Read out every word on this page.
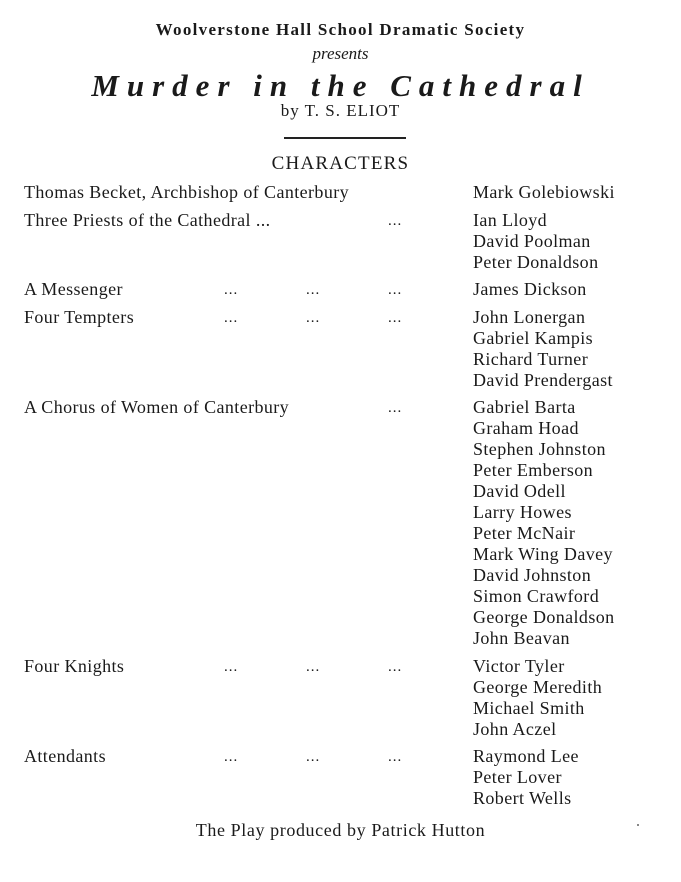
Woolverstone Hall School Dramatic Society
presents
Murder in the Cathedral
by T. S. ELIOT
CHARACTERS
Thomas Becket, Archbishop of Canterbury	Mark Golebiowski
Three Priests of the Cathedral ...	...	Ian Lloyd
David Poolman
Peter Donaldson
A Messenger	...	...	...	James Dickson
Four Tempters	...	...	...	John Lonergan
Gabriel Kampis
Richard Turner
David Prendergast
A Chorus of Women of Canterbury	...	Gabriel Barta
Graham Hoad
Stephen Johnston
Peter Emberson
David Odell
Larry Howes
Peter McNair
Mark Wing Davey
David Johnston
Simon Crawford
George Donaldson
John Beavan
Four Knights	...	...	...	Victor Tyler
George Meredith
Michael Smith
John Aczel
Attendants	...	...	...	Raymond Lee
Peter Lover
Robert Wells
The Play produced by Patrick Hutton
